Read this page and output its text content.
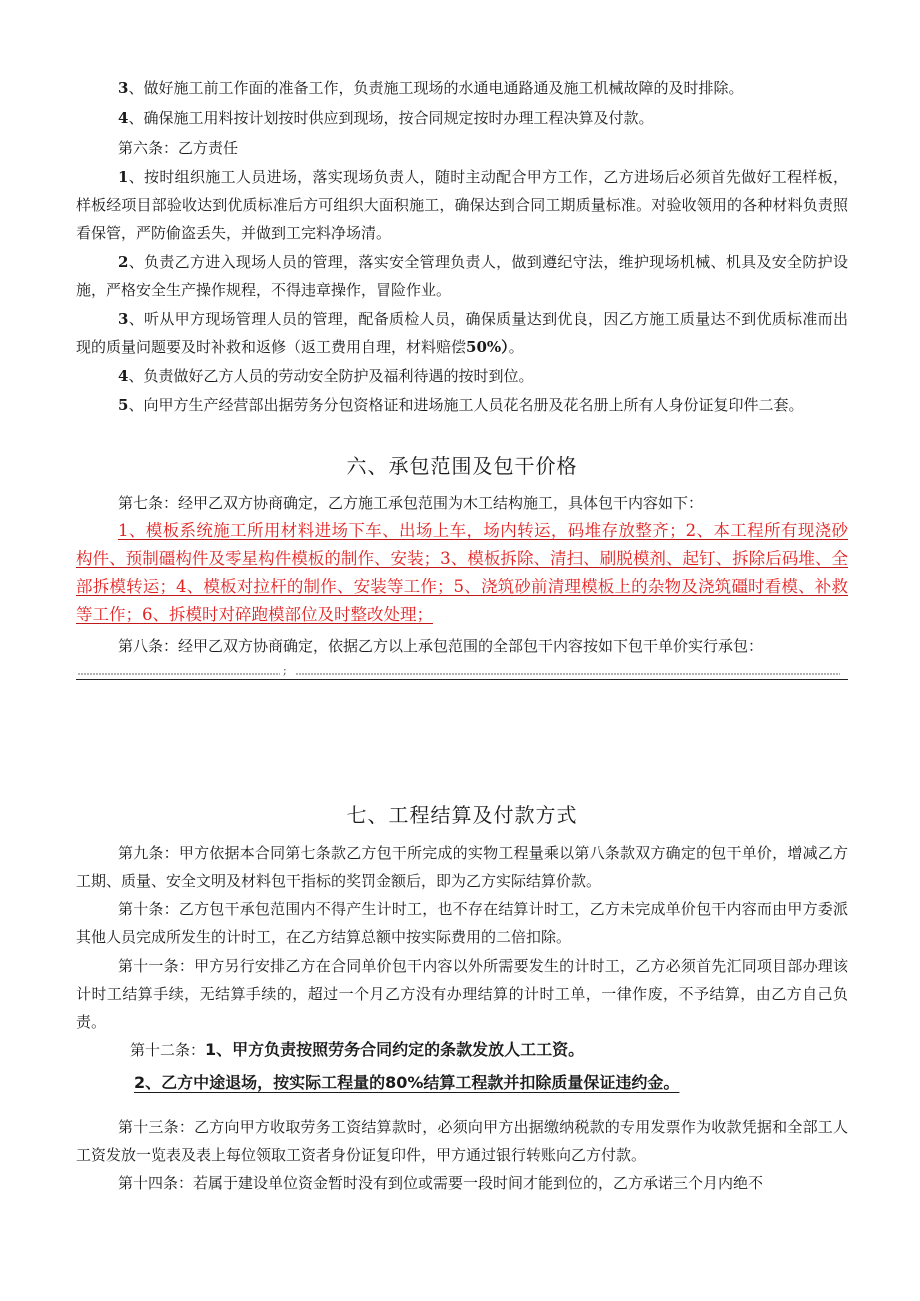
3、做好施工前工作面的准备工作，负责施工现场的水通电通路通及施工机械故障的及时排除。

4、确保施工用料按计划按时供应到现场，按合同规定按时办理工程决算及付款。

第六条：乙方责任

1、按时组织施工人员进场，落实现场负责人，随时主动配合甲方工作，乙方进场后必须首先做好工程样板，样板经项目部验收达到优质标准后方可组织大面积施工，确保达到合同工期质量标准。对验收领用的各种材料负责照看保管，严防偷盗丢失，并做到工完料净场清。

2、负责乙方进入现场人员的管理，落实安全管理负责人，做到遵纪守法，维护现场机械、机具及安全防护设施，严格安全生产操作规程，不得违章操作，冒险作业。

3、听从甲方现场管理人员的管理，配备质检人员，确保质量达到优良，因乙方施工质量达不到优质标准而出现的质量问题要及时补救和返修（返工费用自理，材料赔偿50%）。

4、负责做好乙方人员的劳动安全防护及福利待遇的按时到位。

5、向甲方生产经营部出据劳务分包资格证和进场施工人员花名册及花名册上所有人身份证复印件二套。

六、承包范围及包干价格

第七条：经甲乙双方协商确定，乙方施工承包范围为木工结构施工，具体包干内容如下：

1、模板系统施工所用材料进场下车、出场上车，场内转运，码堆存放整齐；2、本工程所有现浇砂构件、预制礓构件及零星构件模板的制作、安装；3、模板拆除、清扫、刷脱模剂、起钉、拆除后码堆、全部拆模转运；4、模板对拉杆的制作、安装等工作；5、浇筑砂前清理模板上的杂物及浇筑礓时看模、补救等工作；6、拆模时对碎跑模部位及时整改处理；

第八条：经甲乙双方协商确定，依据乙方以上承包范围的全部包干内容按如下包干单价实行承包：

;
七、工程结算及付款方式

第九条：甲方依据本合同第七条款乙方包干所完成的实物工程量乘以第八条款双方确定的包干单价，增减乙方工期、质量、安全文明及材料包干指标的奖罚金额后，即为乙方实际结算价款。

第十条：乙方包干承包范围内不得产生计时工，也不存在结算计时工，乙方未完成单价包干内容而由甲方委派其他人员完成所发生的计时工，在乙方结算总额中按实际费用的二倍扣除。

第十一条：甲方另行安排乙方在合同单价包干内容以外所需要发生的计时工，乙方必须首先汇同项目部办理该计时工结算手续，无结算手续的，超过一个月乙方没有办理结算的计时工单，一律作废，不予结算，由乙方自己负责。

第十二条：1、甲方负责按照劳务合同约定的条款发放人工工资。
2、乙方中途退场，按实际工程量的80%结算工程款并扣除质量保证违约金。

第十三条：乙方向甲方收取劳务工资结算款时，必须向甲方出据缴纳税款的专用发票作为收款凭据和全部工人工资发放一览表及表上每位领取工资者身份证复印件，甲方通过银行转账向乙方付款。

第十四条：若属于建设单位资金暂时没有到位或需要一段时间才能到位的，乙方承诺三个月内绝不
